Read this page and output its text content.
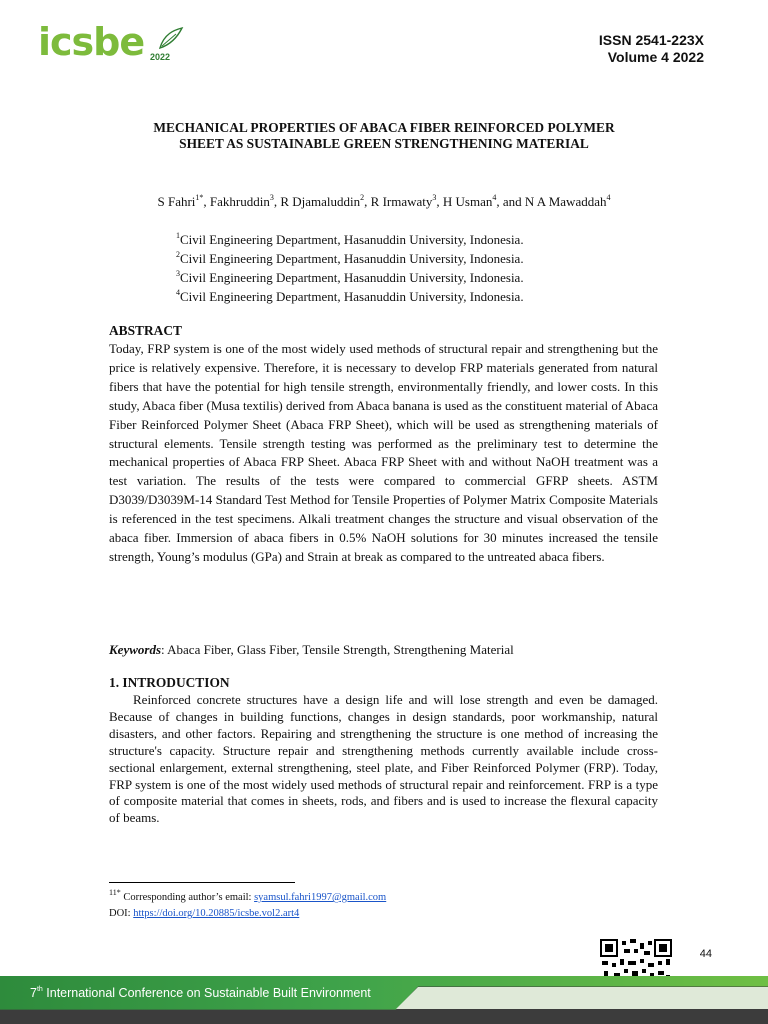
icsbe 2022
ISSN 2541-223X
Volume 4 2022
MECHANICAL PROPERTIES OF ABACA FIBER REINFORCED POLYMER
SHEET AS SUSTAINABLE GREEN STRENGTHENING MATERIAL
S Fahri$^{1*}$, Fakhruddin$^3$, R Djamaluddin$^2$, R Irmawaty$^3$, H Usman$^4$, and N A Mawaddah$^4$
$^1$Civil Engineering Department, Hasanuddin University, Indonesia.
$^2$Civil Engineering Department, Hasanuddin University, Indonesia.
$^3$Civil Engineering Department, Hasanuddin University, Indonesia.
$^4$Civil Engineering Department, Hasanuddin University, Indonesia.
ABSTRACT
Today, FRP system is one of the most widely used methods of structural repair and strengthening but the price is relatively expensive. Therefore, it is necessary to develop FRP materials generated from natural fibers that have the potential for high tensile strength, environmentally friendly, and lower costs. In this study, Abaca fiber (Musa textilis) derived from Abaca banana is used as the constituent material of Abaca Fiber Reinforced Polymer Sheet (Abaca FRP Sheet), which will be used as strengthening materials of structural elements. Tensile strength testing was performed as the preliminary test to determine the mechanical properties of Abaca FRP Sheet. Abaca FRP Sheet with and without NaOH treatment was a test variation. The results of the tests were compared to commercial GFRP sheets. ASTM D3039/D3039M-14 Standard Test Method for Tensile Properties of Polymer Matrix Composite Materials is referenced in the test specimens. Alkali treatment changes the structure and visual observation of the abaca fiber. Immersion of abaca fibers in 0.5% NaOH solutions for 30 minutes increased the tensile strength, Young’s modulus (GPa) and Strain at break as compared to the untreated abaca fibers.
Keywords: Abaca Fiber, Glass Fiber, Tensile Strength, Strengthening Material
1. INTRODUCTION
Reinforced concrete structures have a design life and will lose strength and even be damaged. Because of changes in building functions, changes in design standards, poor workmanship, natural disasters, and other factors. Repairing and strengthening the structure is one method of increasing the structure's capacity. Structure repair and strengthening methods currently available include cross-sectional enlargement, external strengthening, steel plate, and Fiber Reinforced Polymer (FRP). Today, FRP system is one of the most widely used methods of structural repair and reinforcement. FRP is a type of composite material that comes in sheets, rods, and fibers and is used to increase the flexural capacity of beams.
$^{11*}$ Corresponding author’s email: syamsul.fahri1997@gmail.com
DOI: https://doi.org/10.20885/icsbe.vol2.art4
44
7th International Conference on Sustainable Built Environment
